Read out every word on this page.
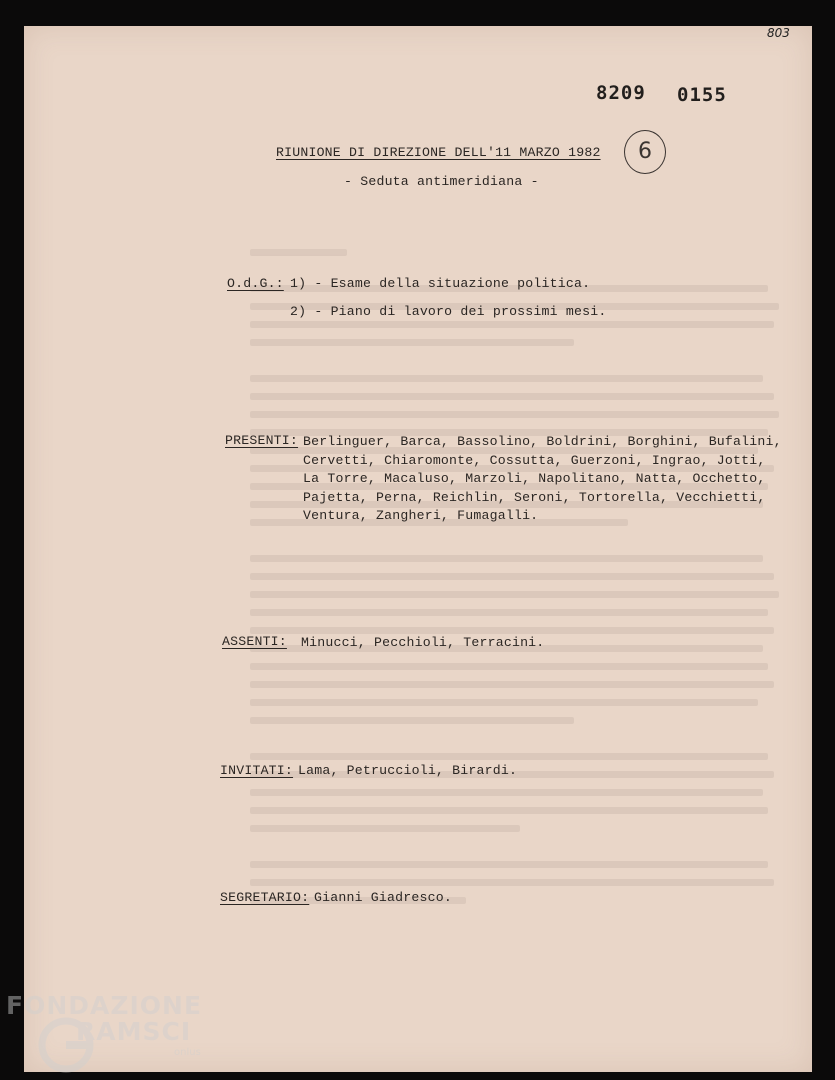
803
8209 0155
6
RIUNIONE DI DIREZIONE DELL'11 MARZO 1982
- Seduta antimeridiana -
O.d.G.: 1) - Esame della situazione politica.
2) - Piano di lavoro dei prossimi mesi.
PRESENTI: Berlinguer, Barca, Bassolino, Boldrini, Borghini, Bufalini,
Cervetti, Chiaromonte, Cossutta, Guerzoni, Ingrao, Jotti,
La Torre, Macaluso, Marzoli, Napolitano, Natta, Occhetto,
Pajetta, Perna, Reichlin, Seroni, Tortorella, Vecchietti,
Ventura, Zangheri, Fumagalli.
ASSENTI: Minucci, Pecchioli, Terracini.
INVITATI: Lama, Petruccioli, Birardi.
SEGRETARIO: Gianni Giadresco.
FONDAZIONE
RAMSCI
onlus
